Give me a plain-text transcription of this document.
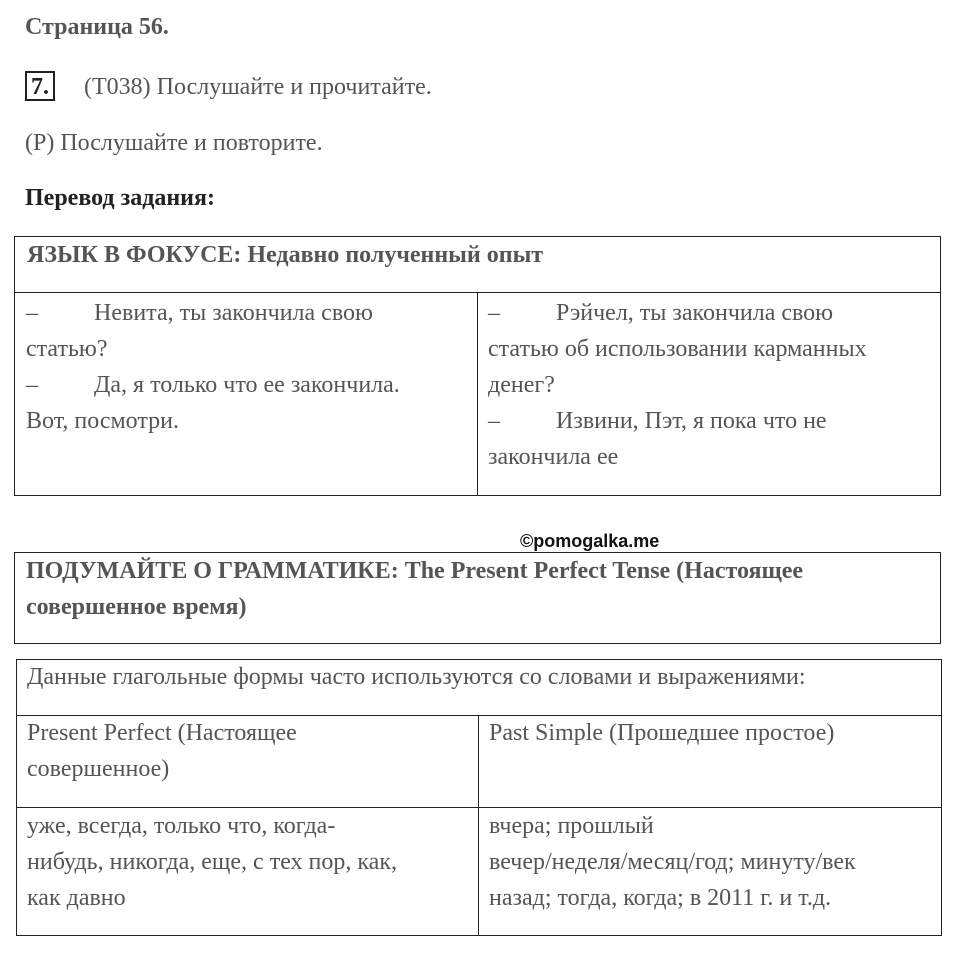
Страница 56.
7. (T038) Послушайте и прочитайте.
(P) Послушайте и повторите.
Перевод задания:
ЯЗЫК В ФОКУСЕ: Недавно полученный опыт
– Невита, ты закончила свою
статью?
– Да, я только что ее закончила.
Вот, посмотри.
– Рэйчел, ты закончила свою
статью об использовании карманных
денег?
– Извини, Пэт, я пока что не
закончила ее
©pomogalka.me
ПОДУМАЙТЕ О ГРАММАТИКЕ: The Present Perfect Tense (Настоящее
совершенное время)
Данные глагольные формы часто используются со словами и выражениями:
Present Perfect (Настоящее
совершенное)
Past Simple (Прошедшее простое)
уже, всегда, только что, когда-
нибудь, никогда, еще, с тех пор, как,
как давно
вчера; прошлый
вечер/неделя/месяц/год; минуту/век
назад; тогда, когда; в 2011 г. и т.д.
